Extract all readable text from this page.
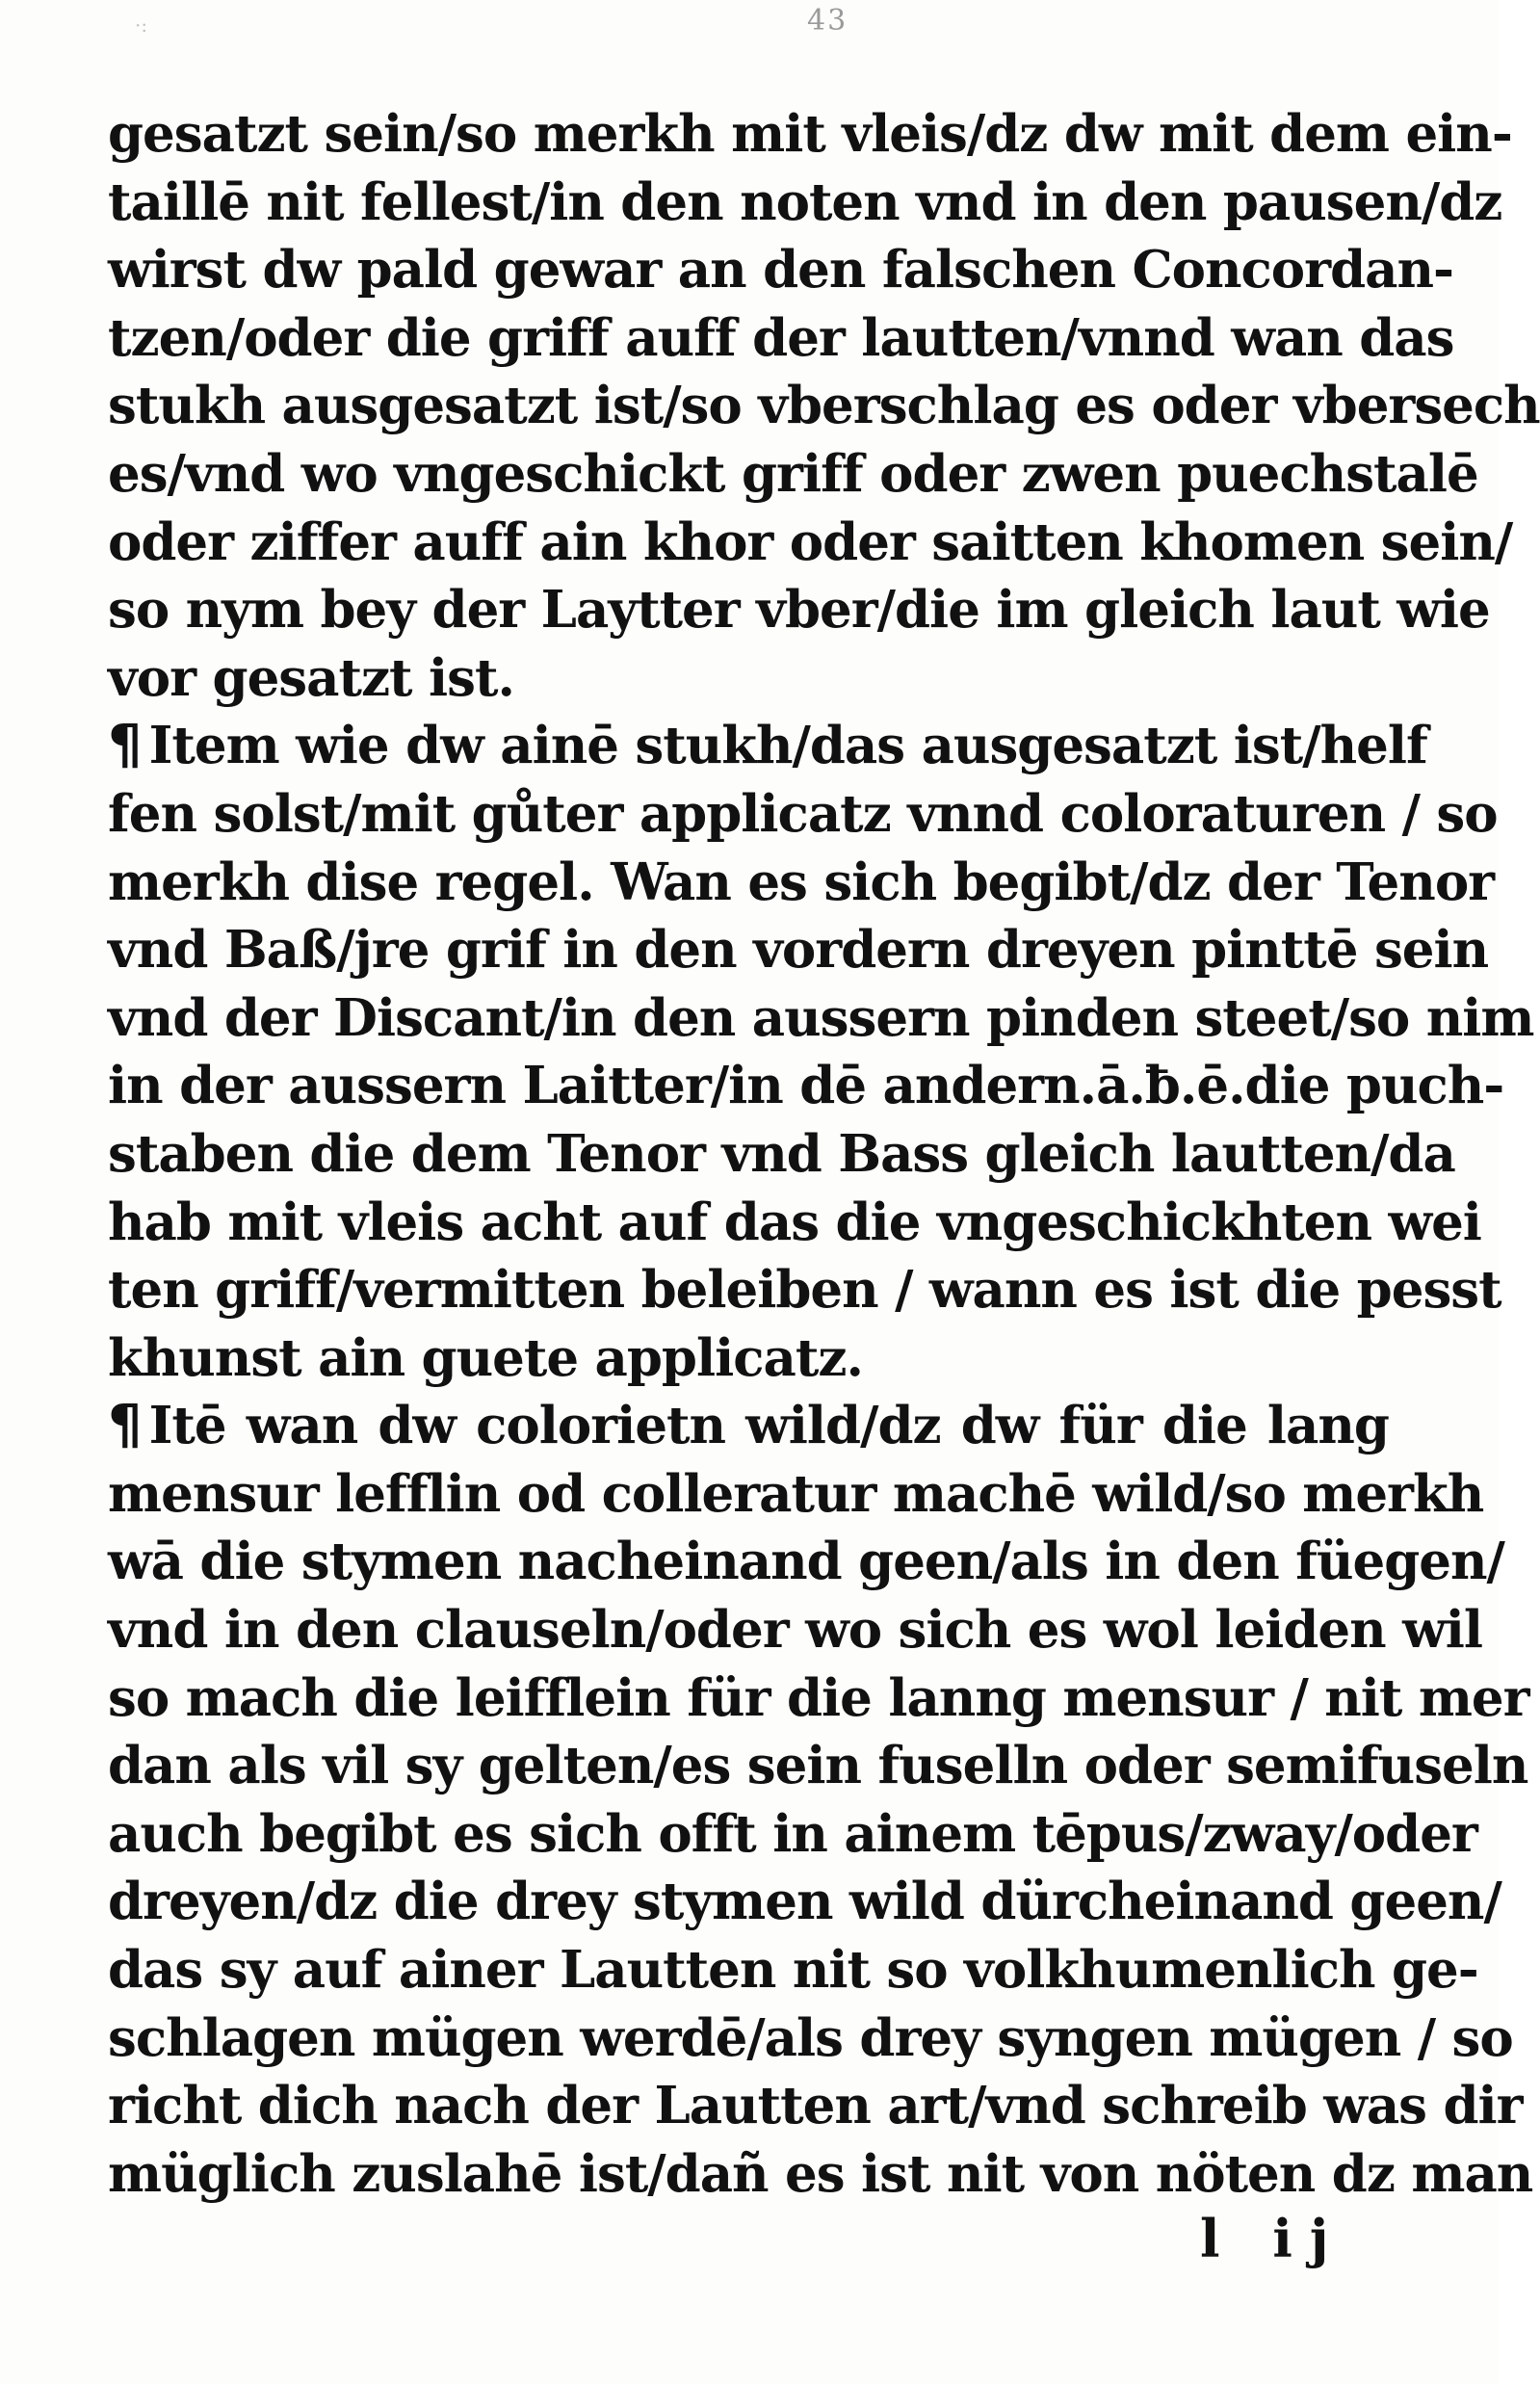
·:	43
gesatzt sein/so merkh mit vleis/dz dw mit dem ein-
taillē nit fellest/in den noten vnd in den pausen/dz
wirst dw pald gewar an den falschen Concordan-
tzen/oder die griff auff der lautten/vnnd wan das
stukh ausgesatzt ist/so vberschlag es oder vbersech
es/vnd wo vngeschickt griff oder zwen puechstalē
oder ziffer auff ain khor oder saitten khomen sein/
so nym bey der Laytter vber/die im gleich laut wie
vor gesatzt ist.
¶ Item wie dw ainē stukh/das ausgesatzt ist/helf
fen solst/mit gůter applicatz vnnd coloraturen / so
merkh dise regel. Wan es sich begibt/dz der Tenor
vnd Baß/jre grif in den vordern dreyen pinttē sein
vnd der Discant/in den aussern pinden steet/so nim
in der aussern Laitter/in dē andern.ā.ƀ.ē.die puch-
staben die dem Tenor vnd Bass gleich lautten/da
hab mit vleis acht auf das die vngeschickhten wei
ten griff/vermitten beleiben / wann es ist die pesst
khunst ain guete applicatz.
¶ Itē wan dw colorietn wild/dz dw für die lang
mensur lefflin od colleratur machē wild/so merkh
wā die stymen nacheinand geen/als in den füegen/
vnd in den clauseln/oder wo sich es wol leiden wil
so mach die leifflein für die lanng mensur / nit mer
dan als vil sy gelten/es sein fuselln oder semifuseln
auch begibt es sich offt in ainem tēpus/zway/oder
dreyen/dz die drey stymen wild dürcheinand geen/
das sy auf ainer Lautten nit so volkhumenlich ge-
schlagen mügen werdē/als drey syngen mügen / so
richt dich nach der Lautten art/vnd schreib was dir
müglich zuslahē ist/dañ es ist nit von nöten dz man
l ij
